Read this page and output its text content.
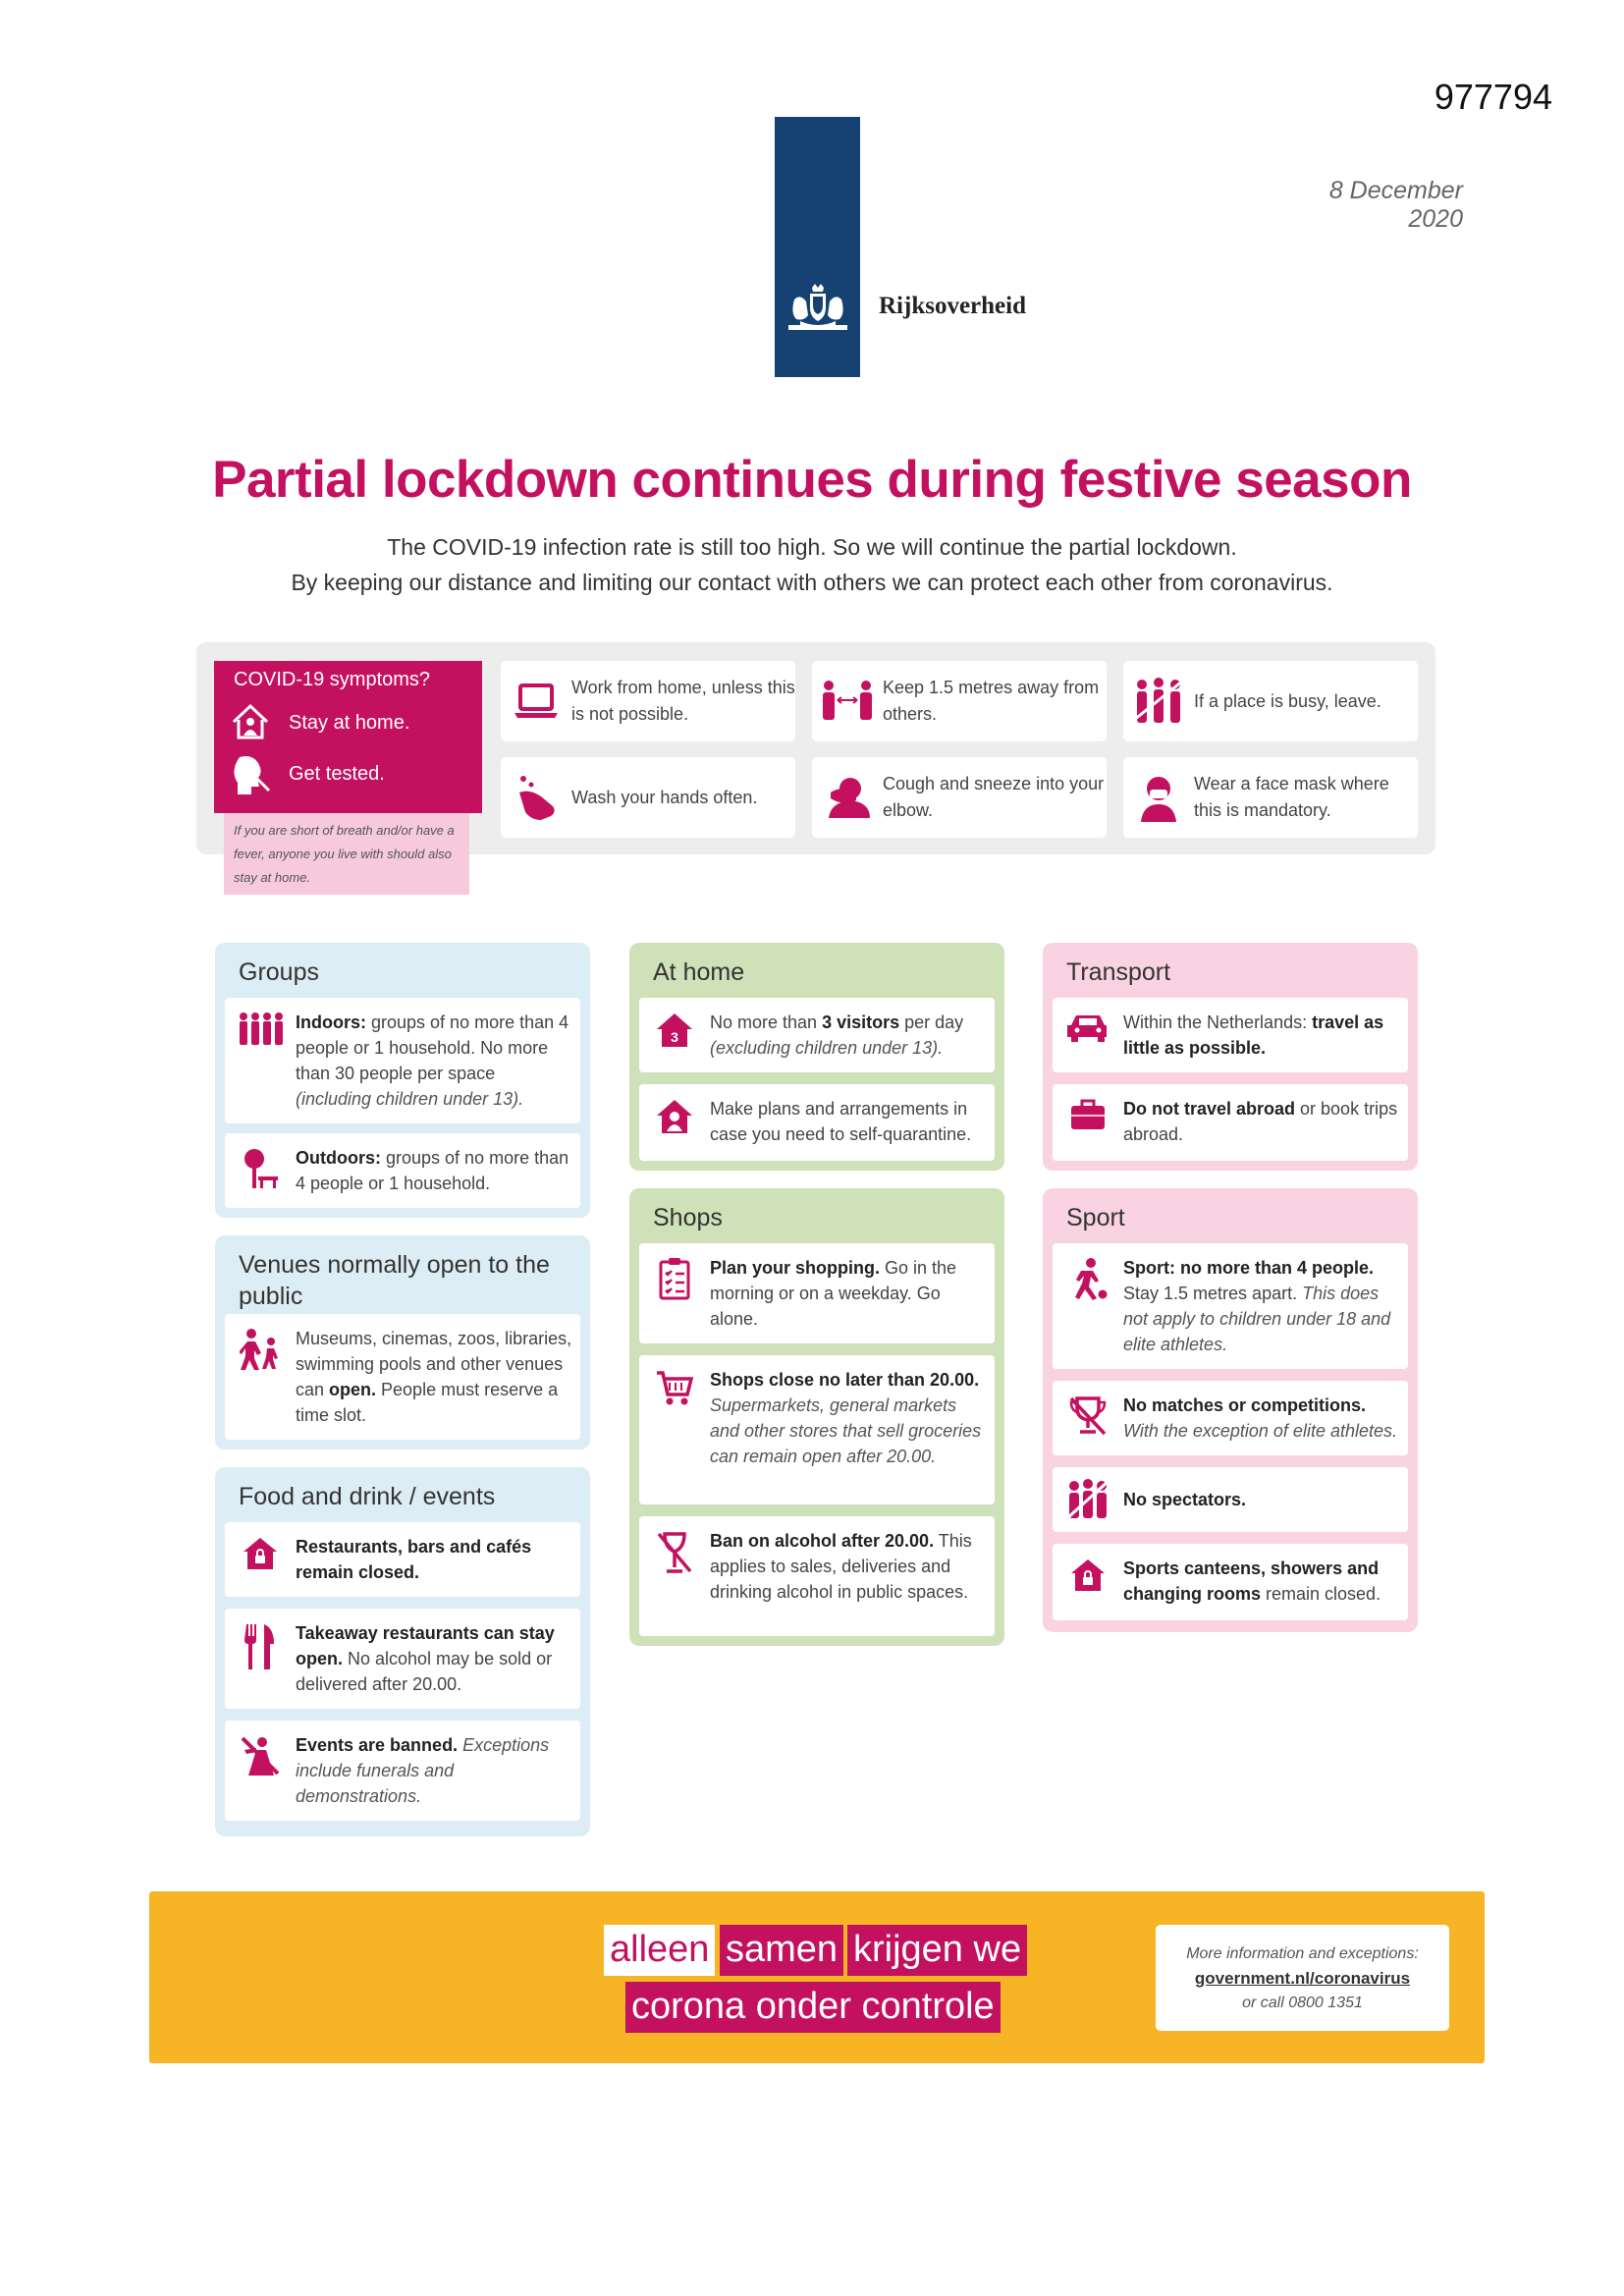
977794
Rijksoverheid
8 December 2020
Partial lockdown continues during festive season
The COVID-19 infection rate is still too high. So we will continue the partial lockdown.
By keeping our distance and limiting our contact with others we can protect each other from coronavirus.
COVID-19 symptoms?
Stay at home.
Get tested.
If you are short of breath and/or have a fever, anyone you live with should also stay at home.
Work from home, unless this is not possible.
Keep 1.5 metres away from others.
If a place is busy, leave.
Wash your hands often.
Cough and sneeze into your elbow.
Wear a face mask where this is mandatory.
Groups
Indoors: groups of no more than 4 people or 1 household. No more than 30 people per space (including children under 13).
Outdoors: groups of no more than 4 people or 1 household.
Venues normally open to the public
Museums, cinemas, zoos, libraries, swimming pools and other venues can open. People must reserve a time slot.
Food and drink / events
Restaurants, bars and cafés remain closed.
Takeaway restaurants can stay open. No alcohol may be sold or delivered after 20.00.
Events are banned. Exceptions include funerals and demonstrations.
At home
3
No more than 3 visitors per day (excluding children under 13).
Make plans and arrangements in case you need to self-quarantine.
Shops
Plan your shopping. Go in the morning or on a weekday. Go alone.
Shops close no later than 20.00. Supermarkets, general markets and other stores that sell groceries can remain open after 20.00.
Ban on alcohol after 20.00. This applies to sales, deliveries and drinking alcohol in public spaces.
Transport
Within the Netherlands: travel as little as possible.
Do not travel abroad or book trips abroad.
Sport
Sport: no more than 4 people. Stay 1.5 metres apart. This does not apply to children under 18 and elite athletes.
No matches or competitions. With the exception of elite athletes.
No spectators.
Sports canteens, showers and changing rooms remain closed.
alleen samen krijgen we
corona onder controle
More information and exceptions:
government.nl/coronavirus
or call 0800 1351
